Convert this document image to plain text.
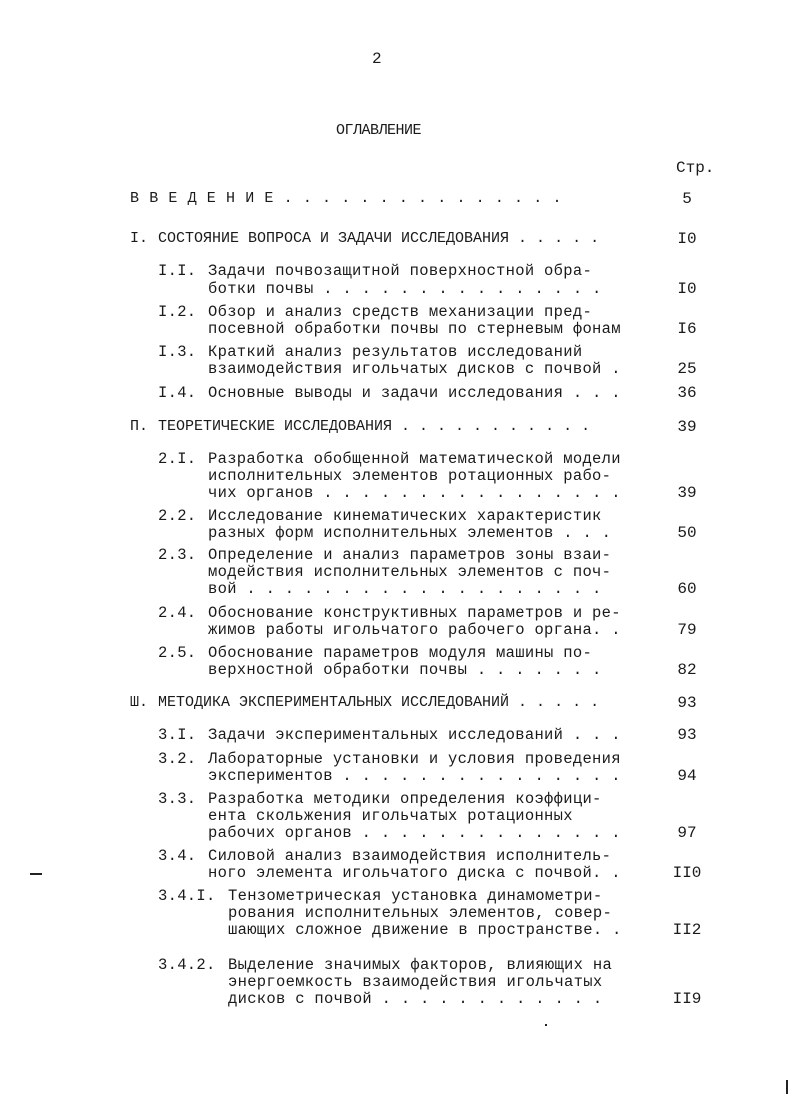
2
ОГЛАВЛЕНИЕ
Стр.
В В Е Д Е Н И Е . . . . . . . . . . . . . . .	5
I. СОСТОЯНИЕ ВОПРОСА И ЗАДАЧИ ИССЛЕДОВАНИЯ . . . . .	I0
I.I. Задачи почвозащитной поверхностной обра-
ботки почвы . . . . . . . . . . . . . . .	I0
I.2. Обзор и анализ средств механизации пред-
посевной обработки почвы по стерневым фонам	I6
I.3. Краткий анализ результатов исследований
взаимодействия игольчатых дисков с почвой .	25
I.4. Основные выводы и задачи исследования . . .	36
П. ТЕОРЕТИЧЕСКИЕ ИССЛЕДОВАНИЯ . . . . . . . . . . .	39
2.I. Разработка обобщенной математической модели
исполнительных элементов ротационных рабо-
чих органов . . . . . . . . . . . . . . . .	39
2.2. Исследование кинематических характеристик
разных форм исполнительных элементов . . .	50
2.3. Определение и анализ параметров зоны взаи-
модействия исполнительных элементов с поч-
вой . . . . . . . . . . . . . . . . . . .	60
2.4. Обоснование конструктивных параметров и ре-
жимов работы игольчатого рабочего органа. .	79
2.5. Обоснование параметров модуля машины по-
верхностной обработки почвы . . . . . . .	82
Ш. МЕТОДИКА ЭКСПЕРИМЕНТАЛЬНЫХ ИССЛЕДОВАНИЙ . . . . .	93
3.I. Задачи экспериментальных исследований . . .	93
3.2. Лабораторные установки и условия проведения
экспериментов . . . . . . . . . . . . . . .	94
3.3. Разработка методики определения коэффици-
ента скольжения игольчатых ротационных
рабочих органов . . . . . . . . . . . . . .	97
3.4. Силовой анализ взаимодействия исполнитель-
ного элемента игольчатого диска с почвой. .	II0
3.4.I. Тензометрическая установка динамометри-
рования исполнительных элементов, совер-
шающих сложное движение в пространстве. .	II2
3.4.2. Выделение значимых факторов, влияющих на
энергоемкость взаимодействия игольчатых
дисков с почвой . . . . . . . . . . . .	II9
